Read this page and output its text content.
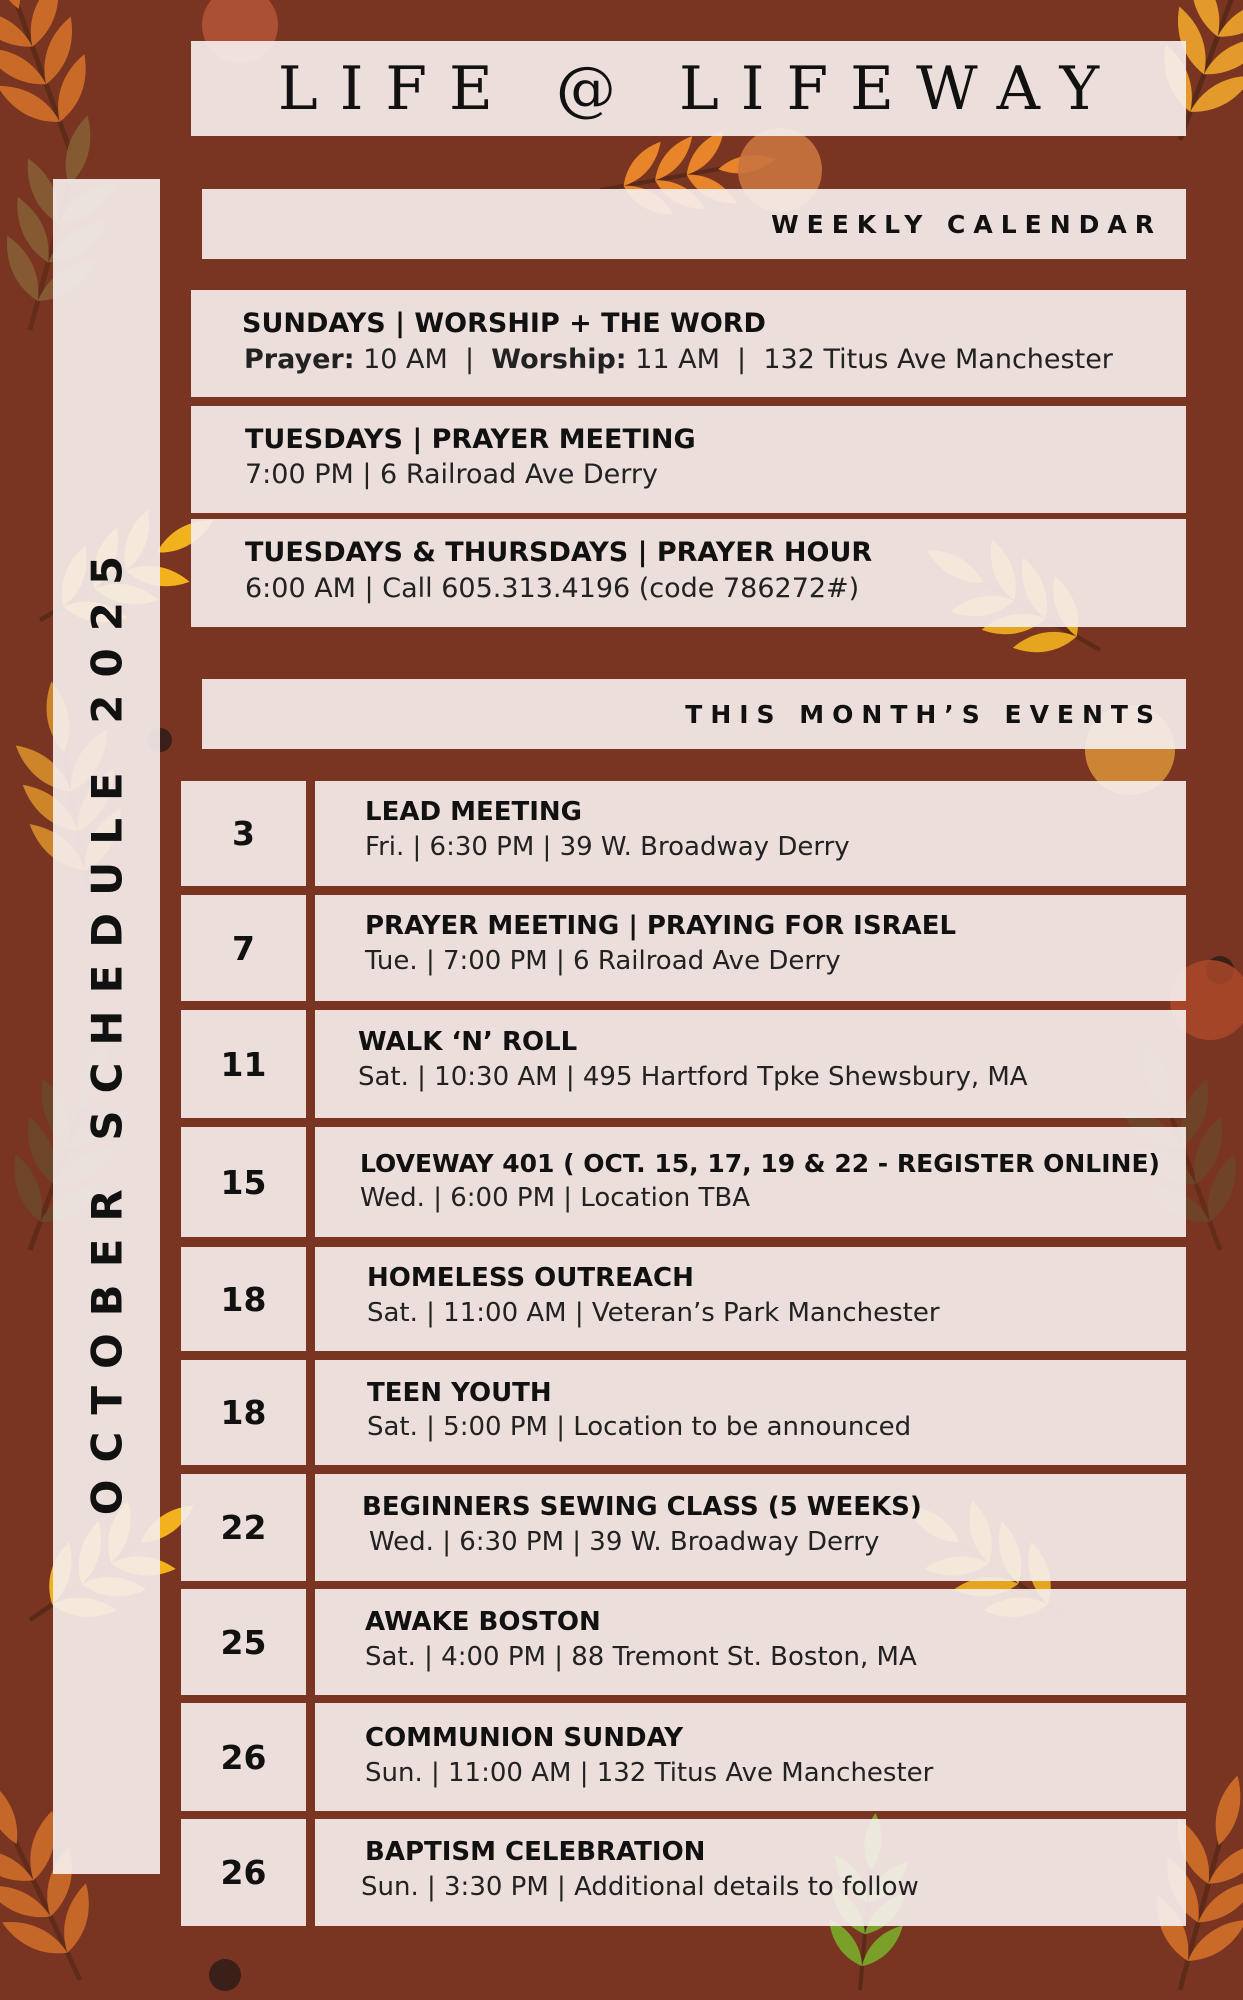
LIFE @ LIFEWAY
OCTOBER SCHEDULE 2025
WEEKLY CALENDAR
SUNDAYS | WORSHIP + THE WORD
Prayer: 10 AM  |  Worship: 11 AM  |  132 Titus Ave Manchester
TUESDAYS | PRAYER MEETING
7:00 PM | 6 Railroad Ave Derry
TUESDAYS & THURSDAYS | PRAYER HOUR
6:00 AM | Call 605.313.4196 (code 786272#)
THIS MONTH’S EVENTS
3
LEAD MEETING
Fri. | 6:30 PM | 39 W. Broadway Derry
7
PRAYER MEETING | PRAYING FOR ISRAEL
Tue. | 7:00 PM | 6 Railroad Ave Derry
11
WALK ‘N’ ROLL
Sat. | 10:30 AM | 495 Hartford Tpke Shewsbury, MA
15	LOVEWAY 401 ( OCT. 15, 17, 19 & 22 - REGISTER ONLINE)
Wed. | 6:00 PM | Location TBA
18
HOMELESS OUTREACH
Sat. | 11:00 AM | Veteran’s Park Manchester
18	TEEN YOUTH
Sat. | 5:00 PM | Location to be announced
22
BEGINNERS SEWING CLASS (5 WEEKS)
Wed. | 6:30 PM | 39 W. Broadway Derry
25
AWAKE BOSTON
Sat. | 4:00 PM | 88 Tremont St. Boston, MA
26	COMMUNION SUNDAY
Sun. | 11:00 AM | 132 Titus Ave Manchester
26
BAPTISM CELEBRATION
Sun. | 3:30 PM | Additional details to follow
